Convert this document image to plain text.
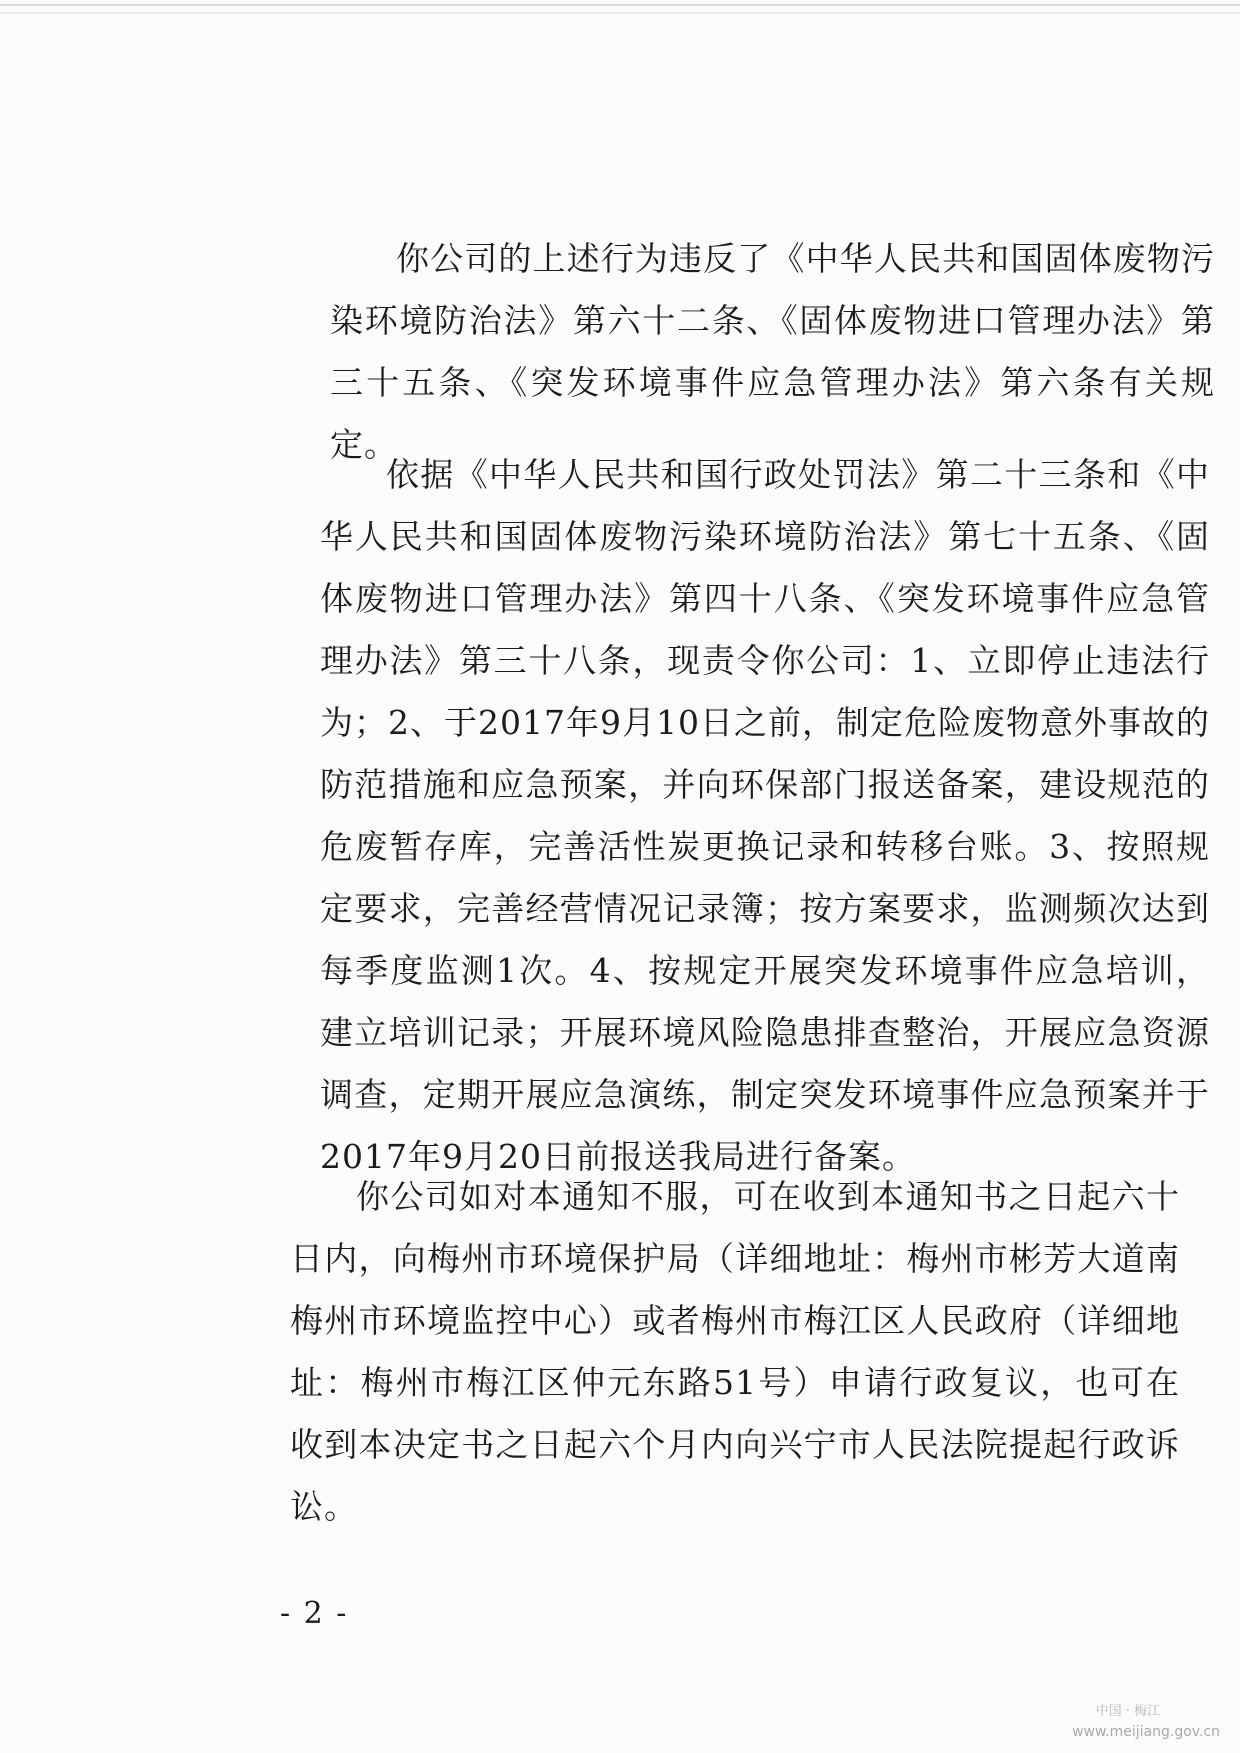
你公司的上述行为违反了《中华人民共和国固体废物污染环境防治法》第六十二条、《固体废物进口管理办法》第三十五条、《突发环境事件应急管理办法》第六条有关规定。

依据《中华人民共和国行政处罚法》第二十三条和《中华人民共和国固体废物污染环境防治法》第七十五条、《固体废物进口管理办法》第四十八条、《突发环境事件应急管理办法》第三十八条，现责令你公司：1、立即停止违法行为；2、于2017年9月10日之前，制定危险废物意外事故的防范措施和应急预案，并向环保部门报送备案，建设规范的危废暂存库，完善活性炭更换记录和转移台账。3、按照规定要求，完善经营情况记录簿；按方案要求，监测频次达到每季度监测1次。4、按规定开展突发环境事件应急培训，建立培训记录；开展环境风险隐患排查整治，开展应急资源调查，定期开展应急演练，制定突发环境事件应急预案并于2017年9月20日前报送我局进行备案。

你公司如对本通知不服，可在收到本通知书之日起六十日内，向梅州市环境保护局（详细地址：梅州市彬芳大道南梅州市环境监控中心）或者梅州市梅江区人民政府（详细地址：梅州市梅江区仲元东路51号）申请行政复议，也可在收到本决定书之日起六个月内向兴宁市人民法院提起行政诉讼。

- 2 -
中国 · 梅江
www.meijiang.gov.cn
